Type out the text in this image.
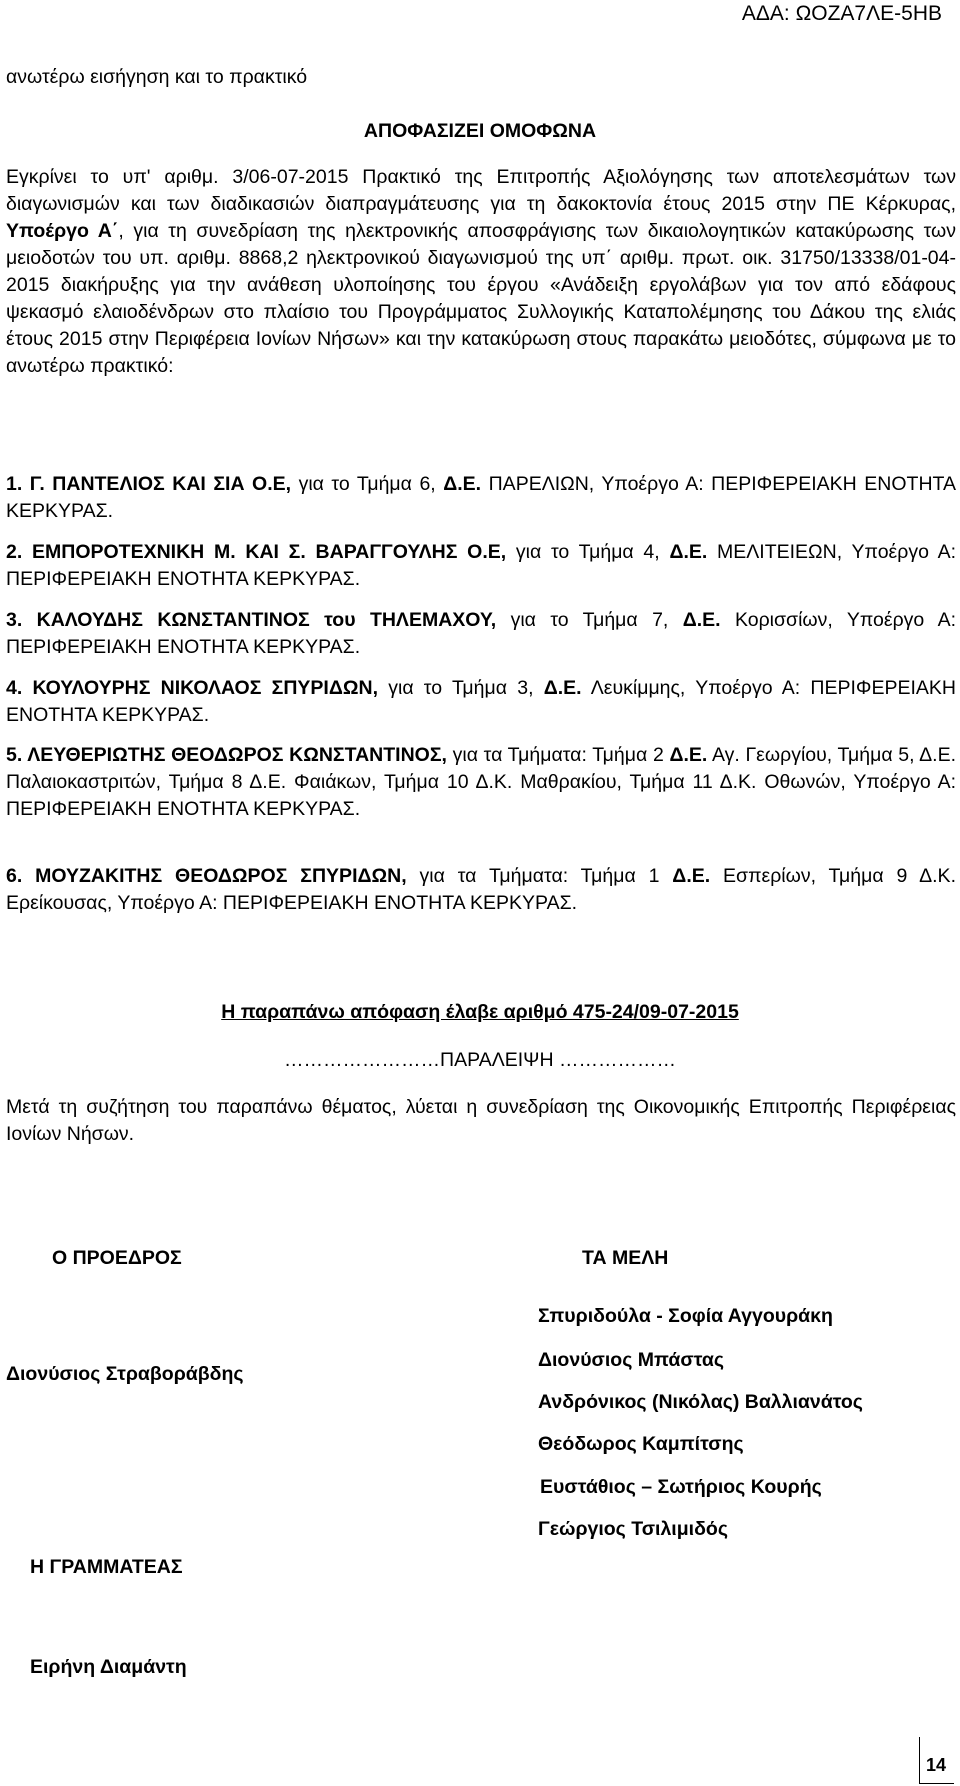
ΑΔΑ: ΩΟΖΑ7ΛΕ-5ΗΒ
ανωτέρω εισήγηση και το πρακτικό
ΑΠΟΦΑΣΙΖΕΙ ΟΜΟΦΩΝΑ
Εγκρίνει το υπ' αριθμ. 3/06-07-2015 Πρακτικό της Επιτροπής Αξιολόγησης των αποτελεσμάτων των διαγωνισμών και των διαδικασιών διαπραγμάτευσης για τη δακοκτονία έτους 2015 στην ΠΕ Κέρκυρας, Υποέργο Α΄, για τη συνεδρίαση της ηλεκτρονικής αποσφράγισης των δικαιολογητικών κατακύρωσης των μειοδοτών του υπ. αριθμ. 8868,2 ηλεκτρονικού διαγωνισμού της υπ΄ αριθμ. πρωτ. οικ. 31750/13338/01-04-2015 διακήρυξης για την ανάθεση υλοποίησης του έργου «Ανάδειξη εργολάβων για τον από εδάφους ψεκασμό ελαιοδένδρων στο πλαίσιο του Προγράμματος Συλλογικής Καταπολέμησης του Δάκου της ελιάς έτους 2015 στην Περιφέρεια Ιονίων Νήσων» και την κατακύρωση στους παρακάτω μειοδότες, σύμφωνα με το ανωτέρω πρακτικό:
1. Γ. ΠΑΝΤΕΛΙΟΣ ΚΑΙ ΣΙΑ Ο.Ε, για το Τμήμα 6, Δ.Ε. ΠΑΡΕΛΙΩΝ, Υποέργο Α: ΠΕΡΙΦΕΡΕΙΑΚΗ ΕΝΟΤΗΤΑ ΚΕΡΚΥΡΑΣ.
2. ΕΜΠΟΡΟΤΕΧΝΙΚΗ Μ. ΚΑΙ Σ. ΒΑΡΑΓΓΟΥΛΗΣ Ο.Ε, για το Τμήμα 4, Δ.Ε. ΜΕΛΙΤΕΙΕΩΝ, Υποέργο Α: ΠΕΡΙΦΕΡΕΙΑΚΗ ΕΝΟΤΗΤΑ ΚΕΡΚΥΡΑΣ.
3. ΚΑΛΟΥΔΗΣ ΚΩΝΣΤΑΝΤΙΝΟΣ του ΤΗΛΕΜΑΧΟΥ, για το Τμήμα 7, Δ.Ε. Κορισσίων, Υποέργο Α: ΠΕΡΙΦΕΡΕΙΑΚΗ ΕΝΟΤΗΤΑ ΚΕΡΚΥΡΑΣ.
4. ΚΟΥΛΟΥΡΗΣ ΝΙΚΟΛΑΟΣ ΣΠΥΡΙΔΩΝ, για το Τμήμα 3, Δ.Ε. Λευκίμμης, Υποέργο Α: ΠΕΡΙΦΕΡΕΙΑΚΗ ΕΝΟΤΗΤΑ ΚΕΡΚΥΡΑΣ.
5. ΛΕΥΘΕΡΙΩΤΗΣ ΘΕΟΔΩΡΟΣ ΚΩΝΣΤΑΝΤΙΝΟΣ, για τα Τμήματα: Τμήμα 2 Δ.Ε. Αγ. Γεωργίου, Τμήμα 5, Δ.Ε. Παλαιοκαστριτών, Τμήμα 8 Δ.Ε. Φαιάκων, Τμήμα 10 Δ.Κ. Μαθρακίου, Τμήμα 11 Δ.Κ. Οθωνών, Υποέργο Α: ΠΕΡΙΦΕΡΕΙΑΚΗ ΕΝΟΤΗΤΑ ΚΕΡΚΥΡΑΣ.
6. ΜΟΥΖΑΚΙΤΗΣ ΘΕΟΔΩΡΟΣ ΣΠΥΡΙΔΩΝ, για τα Τμήματα: Τμήμα 1 Δ.Ε. Εσπερίων, Τμήμα 9 Δ.Κ. Ερείκουσας, Υποέργο Α: ΠΕΡΙΦΕΡΕΙΑΚΗ ΕΝΟΤΗΤΑ ΚΕΡΚΥΡΑΣ.
Η παραπάνω απόφαση έλαβε αριθμό 475-24/09-07-2015
……………………ΠΑΡΑΛΕΙΨΗ ………………
Μετά τη συζήτηση του παραπάνω θέματος, λύεται η συνεδρίαση της Οικονομικής Επιτροπής Περιφέρειας Ιονίων Νήσων.
Ο ΠΡΟΕΔΡΟΣ
Διονύσιος Στραβοράβδης
Η ΓΡΑΜΜΑΤΕΑΣ
Ειρήνη Διαμάντη
ΤΑ ΜΕΛΗ
Σπυριδούλα - Σοφία Αγγουράκη
Διονύσιος Μπάστας
Ανδρόνικος (Νικόλας) Βαλλιανάτος
Θεόδωρος Καμπίτσης
Ευστάθιος – Σωτήριος Κουρής
Γεώργιος Τσιλιμιδός
14
